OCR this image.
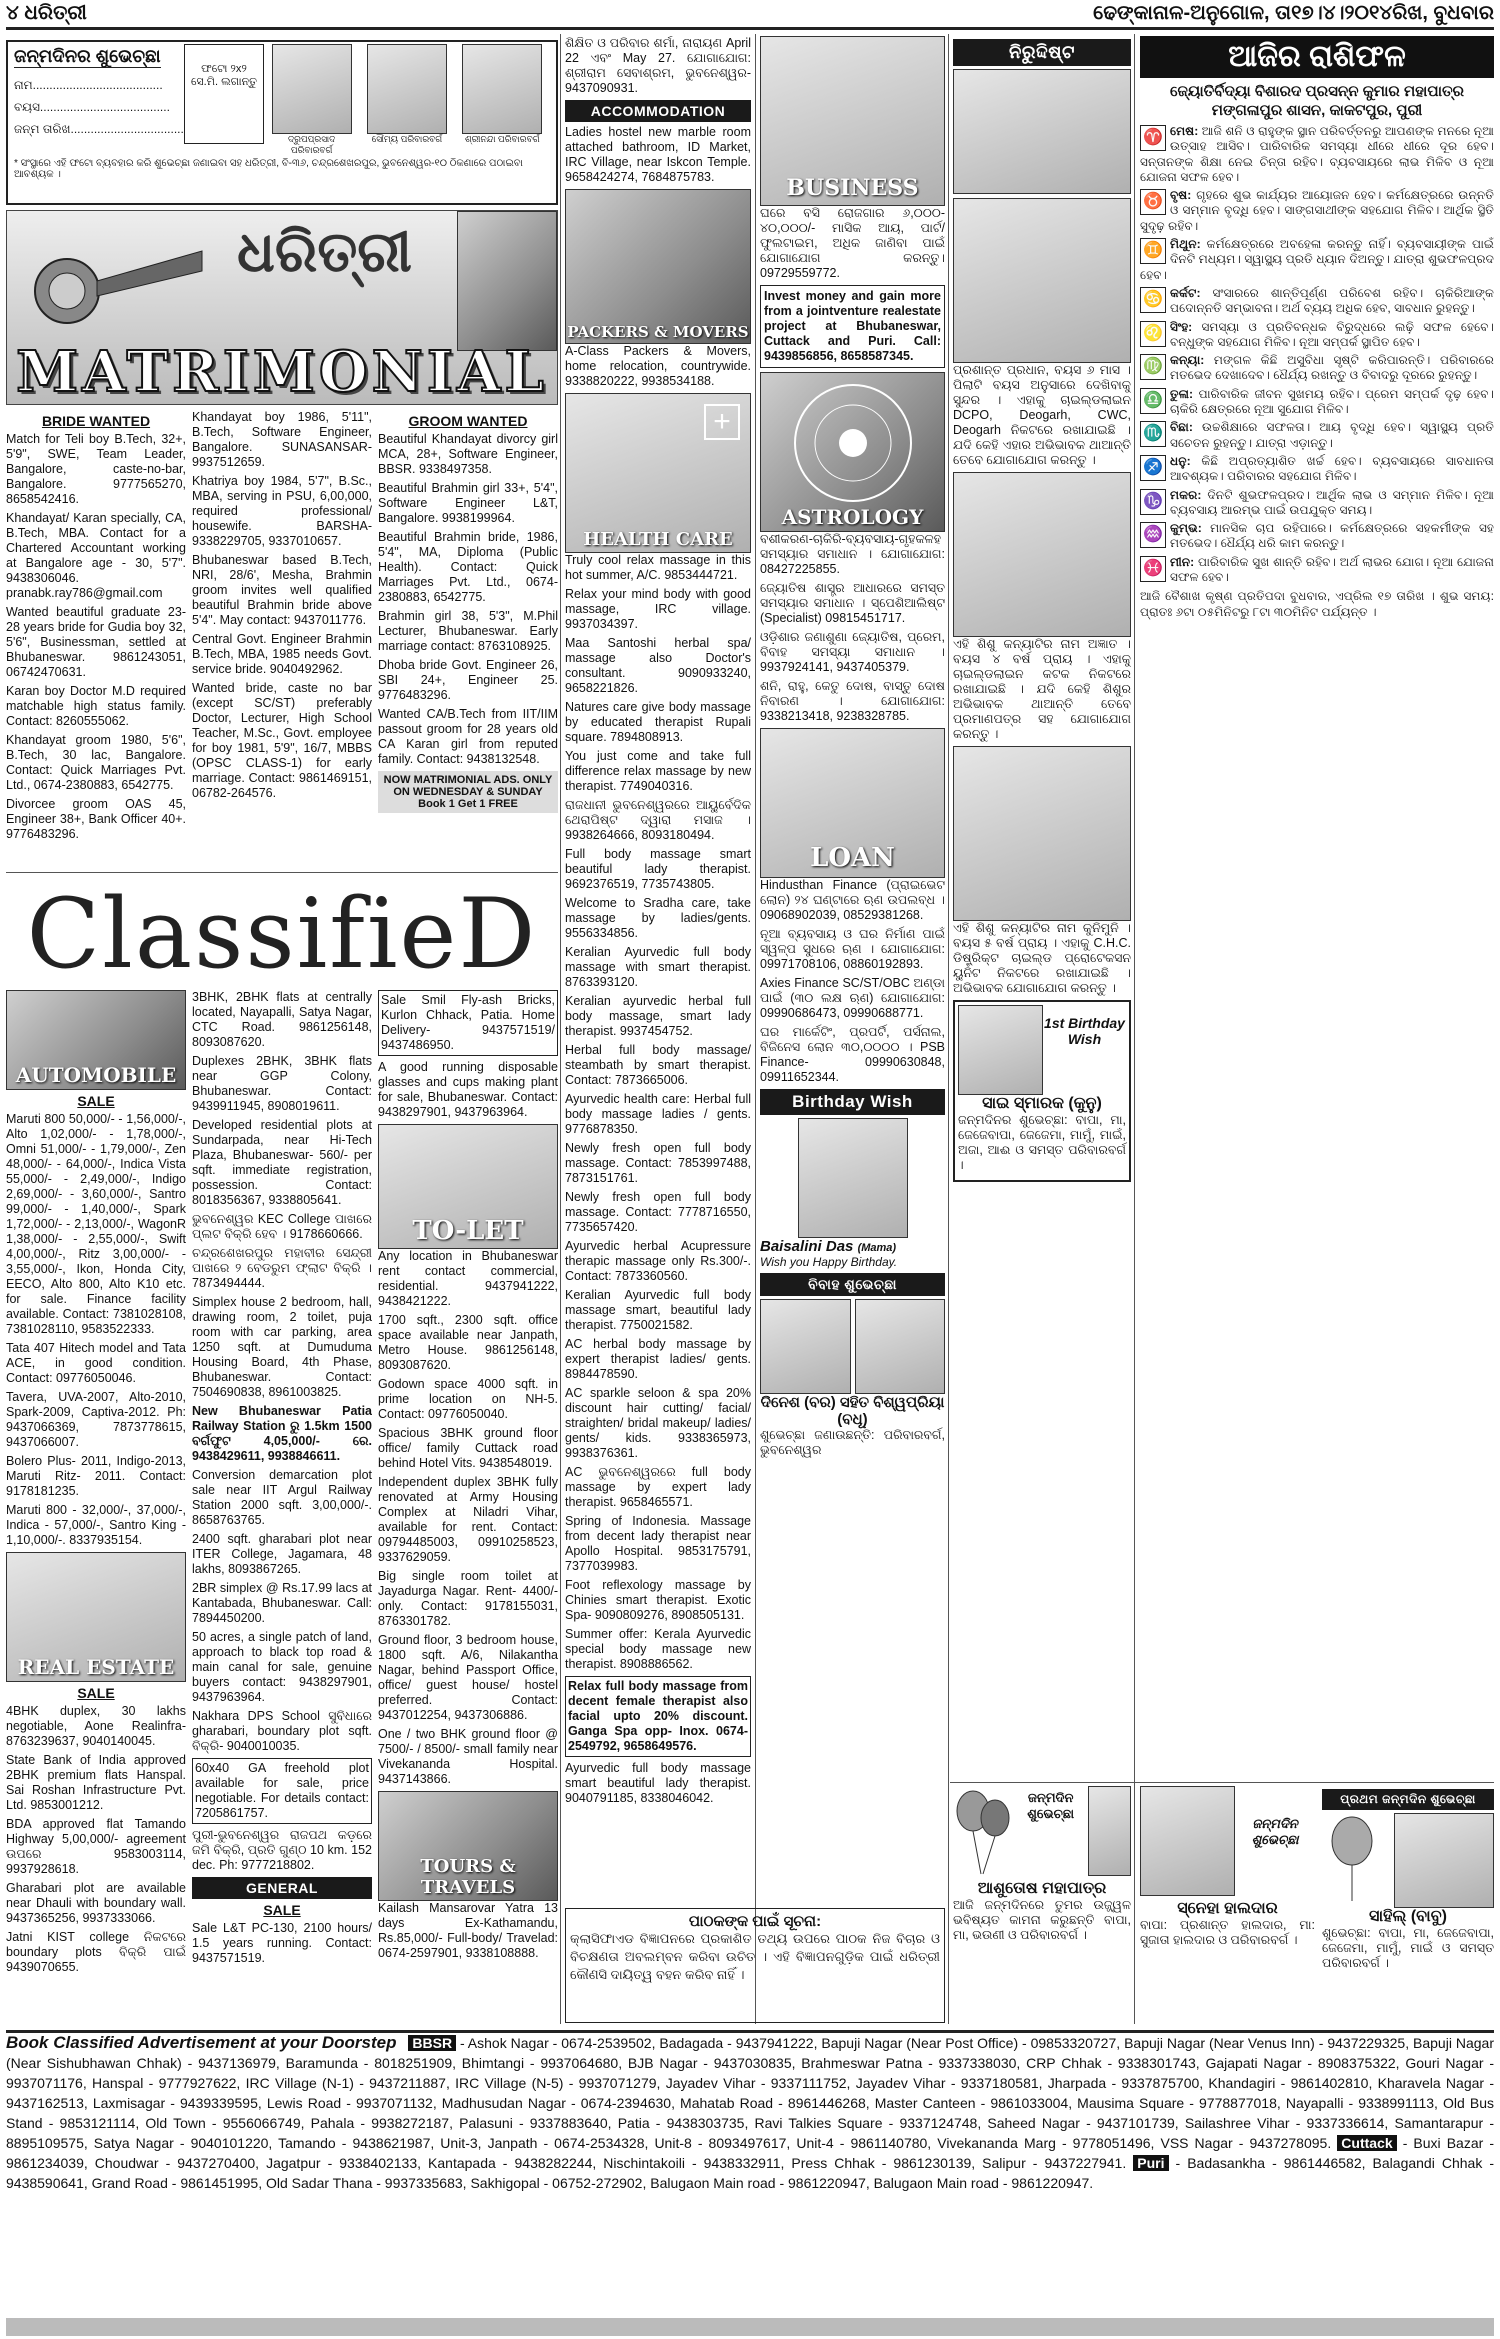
୪ ଧରିତ୍ରୀ	ଢେଙ୍କାନାଳ-ଅନୁଗୋଳ, ତା୧୭।୪।୨୦୧୪ରିଖ, ବୁଧବାର
ଜନ୍ମଦିନର ଶୁଭେଚ୍ଛା
ନାମ.......................................
ବୟସ.......................................
ଜନ୍ମ ତାରିଖ..................................
ଫଟୋ ୨x୨ ସେ.ମି. ଲଗାନ୍ତୁ
ଦ୍ରୁପପ୍ରସାଦ ପରିବାରବର୍ଗ
ସୌମ୍ୟ ପରିବାରବର୍ଗ	ଶ୍ରୀନନ୍ଦା ପରିବାରବର୍ଗ
* ସଂସ୍ଥାରେ ଏହି ଫଟୋ ବ୍ୟବହାର କରି ଶୁଭେଚ୍ଛା ଜଣାଇବା ସହ ଧରିତ୍ରୀ, ବି-୩୬, ଚନ୍ଦ୍ରଶେଖରପୁର, ଭୁବନେଶ୍ୱର-୧୦ ଠିକଣାରେ ପଠାଇବା ଆବଶ୍ୟକ ।
ଧରିତ୍ରୀ
MATRIMONIAL
BRIDE WANTED
Match for Teli boy B.Tech, 32+, 5'9", SWE, Team Leader, Bangalore, caste-no-bar, Bangalore. 9777565270, 8658542416.
Khandayat/ Karan specially, CA, B.Tech, MBA. Contact for a Chartered Accountant working at Bangalore age - 30, 5'7". 9438306046. pranabk.ray786@gmail.com
Wanted beautiful graduate 23-28 years bride for Gudia boy 32, 5'6", Businessman, settled at Bhubaneswar. 9861243051, 06742470631.
Karan boy Doctor M.D required matchable high status family. Contact: 8260555062.
Khandayat groom 1980, 5'6", B.Tech, 30 lac, Bangalore. Contact: Quick Marriages Pvt. Ltd., 0674-2380883, 6542775.
Divorcee groom OAS 45, Engineer 38+, Bank Officer 40+. 9776483296.
Khandayat boy 1986, 5'11", B.Tech, Software Engineer, Bangalore. SUNASANSAR- 9937512659.
Khatriya boy 1984, 5'7", B.Sc., MBA, serving in PSU, 6,00,000, required professional/ housewife. BARSHA- 9338229705, 9337010657.
Bhubaneswar based B.Tech, NRI, 28/6', Mesha, Brahmin groom invites well qualified beautiful Brahmin bride above 5'4". May contact: 9437011776.
Central Govt. Engineer Brahmin B.Tech, MBA, 1985 needs Govt. service bride. 9040492962.
Wanted bride, caste no bar (except SC/ST) preferably Doctor, Lecturer, High School Teacher, M.Sc., Govt. employee for boy 1981, 5'9", 16/7, MBBS (OPSC CLASS-1) for early marriage. Contact: 9861469151, 06782-264576.
GROOM WANTED
Beautiful Khandayat divorcy girl MCA, 28+, Software Engineer, BBSR. 9338497358.
Beautiful Brahmin girl 33+, 5'4", Software Engineer L&T, Bangalore. 9938199964.
Beautiful Brahmin bride, 1986, 5'4", MA, Diploma (Public Health). Contact: Quick Marriages Pvt. Ltd., 0674-2380883, 6542775.
Brahmin girl 38, 5'3", M.Phil Lecturer, Bhubaneswar. Early marriage contact: 8763108925.
Dhoba bride Govt. Engineer 26, SBI 24+, Engineer 25. 9776483296.
Wanted CA/B.Tech from IIT/IIM passout groom for 28 years old CA Karan girl from reputed family. Contact: 9438132548.
NOW MATRIMONIAL ADS. ONLY ON WEDNESDAY & SUNDAY
Book 1 Get 1 FREE
ClassifieD
AUTOMOBILE
SALE
Maruti 800 50,000/- - 1,56,000/-, Alto 1,02,000/- - 1,78,000/-, Omni 51,000/- - 1,79,000/-, Zen 48,000/- - 64,000/-, Indica Vista 55,000/- - 2,49,000/-, Indigo 2,69,000/- - 3,60,000/-, Santro 99,000/- - 1,40,000/-, Spark 1,72,000/- - 2,13,000/-, WagonR 1,38,000/- - 2,55,000/-, Swift 4,00,000/-, Ritz 3,00,000/- - 3,55,000/-, Ikon, Honda City, EECO, Alto 800, Alto K10 etc. for sale. Finance facility available. Contact: 7381028108, 7381028110, 9583522333.
Tata 407 Hitech model and Tata ACE, in good condition. Contact: 09776050046.
Tavera, UVA-2007, Alto-2010, Spark-2009, Captiva-2012. Ph: 9437066369, 7873778615, 9437066007.
Bolero Plus- 2011, Indigo-2013, Maruti Ritz- 2011. Contact: 9178181235.
Maruti 800 - 32,000/-, 37,000/-, Indica - 57,000/-, Santro King - 1,10,000/-. 8337935154.
REAL ESTATE
SALE
4BHK duplex, 30 lakhs negotiable, Aone Realinfra- 8763239637, 9040140045.
State Bank of India approved 2BHK premium flats Hanspal. Sai Roshan Infrastructure Pvt. Ltd. 9853001212.
BDA approved flat Tamando Highway 5,00,000/- agreement ଉପରେ 9583003114, 9937928618.
Gharabari plot are available near Dhauli with boundary wall. 9437365256, 9937333066.
Jatni KIST college ନିକଟରେ boundary plots ବିକ୍ରି ପାଇଁ 9439070655.
3BHK, 2BHK flats at centrally located, Nayapalli, Satya Nagar, CTC Road. 9861256148, 8093087620.
Duplexes 2BHK, 3BHK flats near GGP Colony, Bhubaneswar. Contact: 9439911945, 8908019611.
Developed residential plots at Sundarpada, near Hi-Tech Plaza, Bhubaneswar- 560/- per sqft. immediate registration, possession. Contact: 8018356367, 9338805641.
ଭୁବନେଶ୍ୱର KEC College ପାଖରେ ପ୍ଲଟ ବିକ୍ରି ହେବ । 9178660666.
ଚନ୍ଦ୍ରଶେଖରପୁର ମହାବୀର ସେନ୍ଦ୍ରୀ ପାଖରେ ୨ ବେଡରୁମ ଫ୍ଲାଟ ବିକ୍ରି । 7873494444.
Simplex house 2 bedroom, hall, drawing room, 2 toilet, puja room with car parking, area 1250 sqft. at Dumuduma Housing Board, 4th Phase, Bhubaneswar. Contact: 7504690838, 8961003825.
New Bhubaneswar Patia Railway Station ରୁ 1.5km 1500 ବର୍ଗଫୁଟ 4,05,000/- ରେ. 9438429611, 9938846611.
Conversion demarcation plot sale near IIT Argul Railway Station 2000 sqft. 3,00,000/-. 8658763765.
2400 sqft. gharabari plot near ITER College, Jagamara, 48 lakhs, 8093867265.
2BR simplex @ Rs.17.99 lacs at Kantabada, Bhubaneswar. Call: 7894450200.
50 acres, a single patch of land, approach to black top road & main canal for sale, genuine buyers contact: 9438297901, 9437963964.
Nakhara DPS School ସୁବିଧାରେ gharabari, boundary plot sqft. ବିକ୍ରି- 9040010035.
60x40 GA freehold plot available for sale, price negotiable. For details contact: 7205861757.
ପୁରୀ-ଭୁବନେଶ୍ୱର ରାଜପଥ କଡ଼ରେ ଜମି ବିକ୍ରି, ପ୍ରତି ଗୁଣ୍ଠ 10 km. 152 dec. Ph: 9777218802.
GENERAL
SALE
Sale L&T PC-130, 2100 hours/ 1.5 years running. Contact: 9437571519.
Sale Smil Fly-ash Bricks, Kurlon Chhack, Patia. Home Delivery- 9437571519/ 9437486950.
A good running disposable glasses and cups making plant for sale, Bhubaneswar. Contact: 9438297901, 9437963964.
TO-LET
Any location in Bhubaneswar rent contact commercial, residential. 9437941222, 9438421222.
1700 sqft., 2300 sqft. office space available near Janpath, Metro House. 9861256148, 8093087620.
Godown space 4000 sqft. in prime location on NH-5. Contact: 09776050040.
Spacious 3BHK ground floor office/ family Cuttack road behind Hotel Vits. 9438548019.
Independent duplex 3BHK fully renovated at Army Housing Complex at Niladri Vihar, available for rent. Contact: 09794485003, 09910258523, 9337629059.
Big single room toilet at Jayadurga Nagar. Rent- 4400/- only. Contact: 9178155031, 8763301782.
Ground floor, 3 bedroom house, 1800 sqft. A/6, Nilakantha Nagar, behind Passport Office, office/ guest house/ hostel preferred. Contact: 9437012254, 9437306886.
One / two BHK ground floor @ 7500/- / 8500/- small family near Vivekananda Hospital. 9437143866.
TOURS & TRAVELS
Kailash Mansarovar Yatra 13 days Ex-Kathamandu, Rs.85,000/- Full-body/ Travelad: 0674-2597901, 9338108888.
ଶିକ୍ଷିତ ଓ ପରିବାର ଶର୍ମା, ନାରାୟଣ April 22 ଏବଂ May 27. ଯୋଗାଯୋଗ: ଶ୍ରୀରାମ ସେବାଶ୍ରମ, ଭୁବନେଶ୍ୱର- 9437090931.
ACCOMMODATION
Ladies hostel new marble room attached bathroom, ID Market, IRC Village, near Iskcon Temple. 9658424274, 7684875783.
PACKERS & MOVERS
A-Class Packers & Movers, home relocation, countrywide. 9338820222, 9938534188.
+
HEALTH CARE
Truly cool relax massage in this hot summer, A/C. 9853444721.
Relax your mind body with good massage, IRC village. 9937034397.
Maa Santoshi herbal spa/ massage also Doctor's consultant. 9090933240, 9658221826.
Natures care give body massage by educated therapist Rupali square. 7894808913.
You just come and take full difference relax massage by new therapist. 7749040316.
ରାଜଧାନୀ ଭୁବନେଶ୍ୱରରେ ଆୟୁର୍ବେଦିକ ଥେରାପିଷ୍ଟ ଦ୍ୱାରା ମସାଜ । 9938264666, 8093180494.
Full body massage smart beautiful lady therapist. 9692376519, 7735743805.
Welcome to Sradha care, take massage by ladies/gents. 9556334856.
Keralian Ayurvedic full body massage with smart therapist. 8763393120.
Keralian ayurvedic herbal full body massage, smart lady therapist. 9937454752.
Herbal full body massage/ steambath by smart therapist. Contact: 7873665006.
Ayurvedic health care: Herbal full body massage ladies / gents. 9776878350.
Newly fresh open full body massage. Contact: 7853997488, 7873151761.
Newly fresh open full body massage. Contact: 7778716550, 7735657420.
Ayurvedic herbal Acupressure therapic massage only Rs.300/-. Contact: 7873360560.
Keralian Ayurvedic full body massage smart, beautiful lady therapist. 7750021582.
AC herbal body massage by expert therapist ladies/ gents. 8984478590.
AC sparkle seloon & spa 20% discount hair cutting/ facial/ straighten/ bridal makeup/ ladies/ gents/ kids. 9338365973, 9938376361.
AC ଭୁବନେଶ୍ୱରରେ full body massage by expert lady therapist. 9658465571.
Spring of Indonesia. Massage from decent lady therapist near Apollo Hospital. 9853175791, 7377039983.
Foot reflexology massage by Chinies smart therapist. Exotic Spa- 9090809276, 8908505131.
Summer offer: Kerala Ayurvedic special body massage new therapist. 8908886562.
Relax full body massage from decent female therapist also facial upto 20% discount. Ganga Spa opp- Inox. 0674-2549792, 9658649576.
Ayurvedic full body massage smart beautiful lady therapist. 9040791185, 8338046042.
BUSINESS
ଘରେ ବସି ରୋଜଗାର ୬,୦୦୦- ୪୦,୦୦୦/- ମାସିକ ଆୟ, ପାର୍ଟ/ ଫୁଲଟାଇମ, ଅଧିକ ଜାଣିବା ପାଇଁ ଯୋଗାଯୋଗ କରନ୍ତୁ। 09729559772.
Invest money and gain more from a jointventure realestate project at Bhubaneswar, Cuttack and Puri. Call: 9439856856, 8658587345.
ASTROLOGY
ବଶୀକରଣ-ଚାକିରି-ବ୍ୟବସାୟ-ଗୃହକଳହ ସମସ୍ୟାର ସମାଧାନ । ଯୋଗାଯୋଗ: 08427225855.
ଜ୍ୟୋତିଷ ଶାସ୍ତ୍ର ଆଧାରରେ ସମସ୍ତ ସମସ୍ୟାର ସମାଧାନ । ସ୍ପେଶିଆଲିଷ୍ଟ (Specialist) 09815451717.
ଓଡ଼ିଶାର ଜଣାଶୁଣା ଜ୍ୟୋତିଷ, ପ୍ରେମ, ବିବାହ ସମସ୍ୟା ସମାଧାନ । 9937924141, 9437405379.
ଶନି, ରାହୁ, କେତୁ ଦୋଷ, ବାସ୍ତୁ ଦୋଷ ନିବାରଣ । ଯୋଗାଯୋଗ: 9338213418, 9238328785.
LOAN
Hindusthan Finance (ପ୍ରାଇଭେଟ ଲୋନ) ୨୪ ଘଣ୍ଟାରେ ଋଣ ଉପଲବ୍ଧ । 09068902039, 08529381268.
ନୂଆ ବ୍ୟବସାୟ ଓ ଘର ନିର୍ମାଣ ପାଇଁ ସ୍ୱଳ୍ପ ସୁଧରେ ଋଣ । ଯୋଗାଯୋଗ: 09971708106, 08860192893.
Axies Finance SC/ST/OBC ଅଣ୍ଡା ପାଇଁ (୩୦ ଲକ୍ଷ ଋଣ) ଯୋଗାଯୋଗ: 09990686473, 09990688771.
ଘର ମାର୍କେଟିଂ, ପ୍ରପର୍ଟି, ପର୍ସନାଲ, ବିଜିନେସ ଲୋନ ୩୦,୦୦୦୦ । PSB Finance- 09990630848, 09911652344.
Birthday Wish
Baisalini Das (Mama)
Wish you Happy Birthday.
ବିବାହ ଶୁଭେଚ୍ଛା
ଦିନେଶ (ବର) ସହିତ ବିଶ୍ୱପ୍ରିୟା (ବଧୂ)
ଶୁଭେଚ୍ଛା ଜଣାଉଛନ୍ତି: ପରିବାରବର୍ଗ, ଭୁବନେଶ୍ୱର
ପାଠକଙ୍କ ପାଇଁ ସୂଚନା:
କ୍ଲାସିଫାଏଡ ବିଜ୍ଞାପନରେ ପ୍ରକାଶିତ ତଥ୍ୟ ଉପରେ ପାଠକ ନିଜ ବିଚାର ଓ ବିଚକ୍ଷଣତା ଅବଲମ୍ବନ କରିବା ଉଚିତ । ଏହି ବିଜ୍ଞାପନଗୁଡ଼ିକ ପାଇଁ ଧରିତ୍ରୀ କୌଣସି ଦାୟିତ୍ୱ ବହନ କରିବ ନାହିଁ ।
ନିରୁଦ୍ଦିଷ୍ଟ
ପ୍ରଶାନ୍ତ ପ୍ରଧାନ, ବୟସ ୬ ମାସ । ପିଲାଟି ବୟସ ଅନୁସାରେ ଦେଖିବାକୁ ସୁନ୍ଦର । ଏହାକୁ ଚାଇଲ୍ଡଲାଇନ DCPO, Deogarh, CWC, Deogarh ନିକଟରେ ରଖାଯାଇଛି । ଯଦି କେହି ଏହାର ଅଭିଭାବକ ଥାଆନ୍ତି ତେବେ ଯୋଗାଯୋଗ କରନ୍ତୁ ।
ଏହି ଶିଶୁ କନ୍ୟାଟିର ନାମ ଅଜ୍ଞାତ । ବୟସ ୪ ବର୍ଷ ପ୍ରାୟ । ଏହାକୁ ଚାଇଲ୍ଡଲାଇନ କଟକ ନିକଟରେ ରଖାଯାଇଛି । ଯଦି କେହି ଶିଶୁର ଅଭିଭାବକ ଥାଆନ୍ତି ତେବେ ପ୍ରମାଣପତ୍ର ସହ ଯୋଗାଯୋଗ କରନ୍ତୁ ।
ଏହି ଶିଶୁ କନ୍ୟାଟିର ନାମ କୁନିମୁନି । ବୟସ ୫ ବର୍ଷ ପ୍ରାୟ । ଏହାକୁ C.H.C. ଡିଷ୍ଟ୍ରିକ୍ଟ ଚାଇଲ୍ଡ ପ୍ରୋଟେକସନ ୟୁନିଟ ନିକଟରେ ରଖାଯାଇଛି । ଅଭିଭାବକ ଯୋଗାଯୋଗ କରନ୍ତୁ ।
1st Birthday Wish
ସାଇ ସ୍ମାରକ (କୁନୁ)
ଜନ୍ମଦିନର ଶୁଭେଚ୍ଛା: ବାପା, ମା, ଜେଜେବାପା, ଜେଜେମା, ମାମୁଁ, ମାଇଁ, ଅଜା, ଆଈ ଓ ସମସ୍ତ ପରିବାରବର୍ଗ ।
ଆଜିର ରାଶିଫଳ
ଜ୍ୟୋତିର୍ବିଦ୍ୟା ବିଶାରଦ ପ୍ରସନ୍ନ କୁମାର ମହାପାତ୍ର
ମଙ୍ଗଳାପୁର ଶାସନ, କାକଟପୁର, ପୁରୀ
♈ ମେଷ: ଆଜି ଶନି ଓ ରାହୁଙ୍କ ସ୍ଥାନ ପରିବର୍ତ୍ତନରୁ ଆପଣଙ୍କ ମନରେ ନୂଆ ଉତ୍ସାହ ଆସିବ। ପାରିବାରିକ ସମସ୍ୟା ଧୀରେ ଧୀରେ ଦୂର ହେବ। ସନ୍ତାନଙ୍କ ଶିକ୍ଷା ନେଇ ଚିନ୍ତା ରହିବ। ବ୍ୟବସାୟରେ ଲାଭ ମିଳିବ ଓ ନୂଆ ଯୋଜନା ସଫଳ ହେବ।
♉ ବୃଷ: ଗୃହରେ ଶୁଭ କାର୍ଯ୍ୟର ଆୟୋଜନ ହେବ। କର୍ମକ୍ଷେତ୍ରରେ ଉନ୍ନତି ଓ ସମ୍ମାନ ବୃଦ୍ଧି ହେବ। ସାଙ୍ଗସାଥୀଙ୍କ ସହଯୋଗ ମିଳିବ। ଆର୍ଥିକ ସ୍ଥିତି ସୁଦୃଢ଼ ରହିବ।
♊ ମିଥୁନ: କର୍ମକ୍ଷେତ୍ରରେ ଅବହେଳା କରନ୍ତୁ ନାହିଁ। ବ୍ୟବସାୟୀଙ୍କ ପାଇଁ ଦିନଟି ମଧ୍ୟମ। ସ୍ୱାସ୍ଥ୍ୟ ପ୍ରତି ଧ୍ୟାନ ଦିଅନ୍ତୁ। ଯାତ୍ରା ଶୁଭଫଳପ୍ରଦ ହେବ।
♋ କର୍କଟ: ସଂସାରରେ ଶାନ୍ତିପୂର୍ଣ୍ଣ ପରିବେଶ ରହିବ। ଚାକିରିଆଙ୍କ ପଦୋନ୍ନତି ସମ୍ଭାବନା। ଅର୍ଥ ବ୍ୟୟ ଅଧିକ ହେବ, ସାବଧାନ ରୁହନ୍ତୁ।
♌ ସିଂହ: ସମସ୍ୟା ଓ ପ୍ରତିବନ୍ଧକ ବିରୁଦ୍ଧରେ ଲଢ଼ି ସଫଳ ହେବେ। ବନ୍ଧୁଙ୍କ ସହଯୋଗ ମିଳିବ। ନୂଆ ସମ୍ପର୍କ ସ୍ଥାପିତ ହେବ।
♍ କନ୍ୟା: ମଙ୍ଗଳ କିଛି ଅସୁବିଧା ସୃଷ୍ଟି କରିପାରନ୍ତି। ପରିବାରରେ ମତଭେଦ ଦେଖାଦେବ। ଧୈର୍ଯ୍ୟ ରଖନ୍ତୁ ଓ ବିବାଦରୁ ଦୂରରେ ରୁହନ୍ତୁ।
♎ ତୁଳା: ପାରିବାରିକ ଜୀବନ ସୁଖମୟ ରହିବ। ପ୍ରେମ ସମ୍ପର୍କ ଦୃଢ଼ ହେବ। ଚାକିରି କ୍ଷେତ୍ରରେ ନୂଆ ସୁଯୋଗ ମିଳିବ।
♏ ବିଛା: ଉଚ୍ଚଶିକ୍ଷାରେ ସଫଳତା। ଆୟ ବୃଦ୍ଧି ହେବ। ସ୍ୱାସ୍ଥ୍ୟ ପ୍ରତି ସଚେତନ ରୁହନ୍ତୁ। ଯାତ୍ରା ଏଡ଼ାନ୍ତୁ।
♐ ଧନୁ: କିଛି ଅପ୍ରତ୍ୟାଶିତ ଖର୍ଚ୍ଚ ହେବ। ବ୍ୟବସାୟରେ ସାବଧାନତା ଆବଶ୍ୟକ। ପରିବାରର ସହଯୋଗ ମିଳିବ।
♑ ମକର: ଦିନଟି ଶୁଭଫଳପ୍ରଦ। ଆର୍ଥିକ ଲାଭ ଓ ସମ୍ମାନ ମିଳିବ। ନୂଆ ବ୍ୟବସାୟ ଆରମ୍ଭ ପାଇଁ ଉପଯୁକ୍ତ ସମୟ।
♒ କୁମ୍ଭ: ମାନସିକ ଚାପ ରହିପାରେ। କର୍ମକ୍ଷେତ୍ରରେ ସହକର୍ମୀଙ୍କ ସହ ମତଭେଦ। ଧୈର୍ଯ୍ୟ ଧରି କାମ କରନ୍ତୁ।
♓ ମୀନ: ପାରିବାରିକ ସୁଖ ଶାନ୍ତି ରହିବ। ଅର୍ଥ ଲାଭର ଯୋଗ। ନୂଆ ଯୋଜନା ସଫଳ ହେବ।
ଆଜି ବୈଶାଖ କୃଷ୍ଣ ପ୍ରତିପଦା ବୁଧବାର, ଏପ୍ରିଲ ୧୭ ତାରିଖ । ଶୁଭ ସମୟ: ପ୍ରାତଃ ୬ଟା ୦୫ମିନିଟରୁ ୮ଟା ୩୦ମିନିଟ ପର୍ଯ୍ୟନ୍ତ ।
ଜନ୍ମଦିନ ଶୁଭେଚ୍ଛା
ଆଶୁତୋଷ ମହାପାତ୍ର
ଆଜି ଜନ୍ମଦିନରେ ତୁମର ଉଜ୍ଜ୍ୱଳ ଭବିଷ୍ୟତ କାମନା କରୁଛନ୍ତି ବାପା, ମା, ଭଉଣୀ ଓ ପରିବାରବର୍ଗ ।
ଜନ୍ମଦିନ ଶୁଭେଚ୍ଛା
ସ୍ନେହା ହାଲଦାର
ବାପା: ପ୍ରଶାନ୍ତ ହାଲଦାର, ମା: ସୁଜାତା ହାଲଦାର ଓ ପରିବାରବର୍ଗ ।
ପ୍ରଥମ ଜନ୍ମଦିନ ଶୁଭେଚ୍ଛା
ସାହିଲ୍ (ବାବୁ)
ଶୁଭେଚ୍ଛା: ବାପା, ମା, ଜେଜେବାପା, ଜେଜେମା, ମାମୁଁ, ମାଇଁ ଓ ସମସ୍ତ ପରିବାରବର୍ଗ ।
Book Classified Advertisement at your Doorstep BBSR - Ashok Nagar - 0674-2539502, Badagada - 9437941222, Bapuji Nagar (Near Post Office) - 09853320727, Bapuji Nagar (Near Venus Inn) - 9437229325, Bapuji Nagar (Near Sishubhawan Chhak) - 9437136979, Baramunda - 8018251909, Bhimtangi - 9937064680, BJB Nagar - 9437030835, Brahmeswar Patna - 9337338030, CRP Chhak - 9338301743, Gajapati Nagar - 8908375322, Gouri Nagar - 9937071176, Hanspal - 9777927622, IRC Village (N-1) - 9437211887, IRC Village (N-5) - 9937071279, Jayadev Vihar - 9337111752, Jayadev Vihar - 9337180581, Jharpada - 9337875700, Khandagiri - 9861402810, Kharavela Nagar - 9437162513, Laxmisagar - 9439339595, Lewis Road - 9937071132, Madhusudan Nagar - 0674-2394630, Mahatab Road - 8961446268, Master Canteen - 9861033004, Mausima Square - 9778877018, Nayapalli - 9338991113, Old Bus Stand - 9853121114, Old Town - 9556066749, Pahala - 9938272187, Palasuni - 9337883640, Patia - 9438303735, Ravi Talkies Square - 9337124748, Saheed Nagar - 9437101739, Sailashree Vihar - 9337336614, Samantarapur - 8895109575, Satya Nagar - 9040101220, Tamando - 9438621987, Unit-3, Janpath - 0674-2534328, Unit-8 - 8093497617, Unit-4 - 9861140780, Vivekananda Marg - 9778051496, VSS Nagar - 9437278095. Cuttack - Buxi Bazar - 9861234039, Choudwar - 9437270400, Jagatpur - 9338402133, Kantapada - 9438282244, Nischintakoili - 9438332911, Press Chhak - 9861230139, Salipur - 9437227941. Puri - Badasankha - 9861446582, Balagandi Chhak - 9438590641, Grand Road - 9861451995, Old Sadar Thana - 9937335683, Sakhigopal - 06752-272902, Balugaon Main road - 9861220947, Balugaon Main road - 9861220947.
